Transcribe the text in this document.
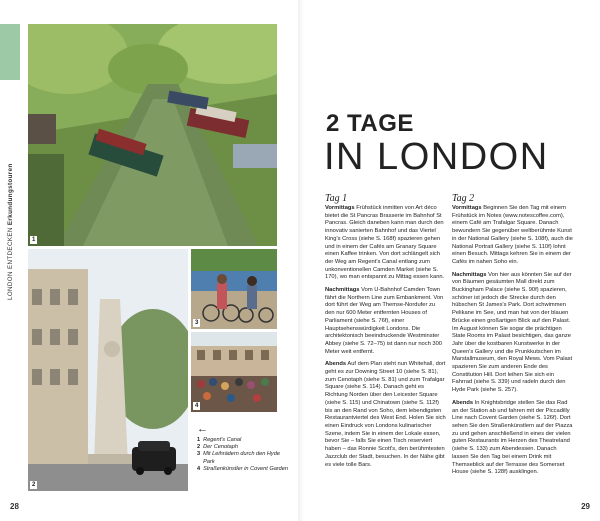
LONDON ENTDECKEN Erkundungstouren
1
2
3
4
←
1 Regent's Canal
2 Der Cenotaph
3 Mit Leihrädern durch den Hyde Park
4 Straßenkünstler in Covent Garden
2 TAGE
IN LONDON
Tag 1

Vormittags Frühstück inmitten von Art déco bietet die St Pancras Brasserie im Bahnhof St Pancras. Gleich daneben kann man durch den innovativ sanierten Bahnhof und das Viertel King's Cross (siehe S. 168f) spazieren gehen und in einem der Cafés am Granary Square einen Kaffee trinken. Von dort schlängelt sich der Weg am Regent's Canal entlang zum unkonventionellen Camden Market (siehe S. 170), wo man entspannt zu Mittag essen kann.

Nachmittags Vom U-Bahnhof Camden Town fährt die Northern Line zum Embankment. Von dort führt der Weg am Themse-Nordufer zu den nur 600 Meter entfernten Houses of Parliament (siehe S. 76f), einer Hauptsehenswürdigkeit Londons. Die architektonisch beeindruckende Westminster Abbey (siehe S. 72–75) ist dann nur noch 300 Meter weit entfernt.

Abends Auf dem Plan steht nun Whitehall, dort geht es zur Downing Street 10 (siehe S. 81), zum Cenotaph (siehe S. 81) und zum Trafalgar Square (siehe S. 114). Danach geht es Richtung Norden über den Leicester Square (siehe S. 115) und Chinatown (siehe S. 112f) bis an den Rand von Soho, dem lebendigsten Restaurantviertel des West End. Holen Sie sich einen Eindruck von Londons kulinarischer Szene, indem Sie in einem der Lokale essen, bevor Sie – falls Sie einen Tisch reserviert haben – das Ronnie Scott's, den berühmtesten Jazzclub der Stadt, besuchen. In der Nähe gibt es viele tolle Bars.

Tag 2

Vormittags Beginnen Sie den Tag mit einem Frühstück im Notes (www.notescoffee.com), einem Café am Trafalgar Square. Danach bewundern Sie gegenüber weltberühmte Kunst in der National Gallery (siehe S. 108f), auch die National Portrait Gallery (siehe S. 110f) lohnt einen Besuch. Mittags kehren Sie in einem der Cafés im nahen Soho ein.

Nachmittags Von hier aus könnten Sie auf der von Bäumen gesäumten Mall direkt zum Buckingham Palace (siehe S. 90f) spazieren, schöner ist jedoch die Strecke durch den hübschen St James's Park. Dort schwimmen Pelikane im See, und man hat von der blauen Brücke einen großartigen Blick auf den Palast. Im August können Sie sogar die prächtigen State Rooms im Palast besichtigen, das ganze Jahr über die kostbaren Kunstwerke in der Queen's Gallery und die Prunkkutschen im Marstallmuseum, den Royal Mews. Vom Palast spazieren Sie zum anderen Ende des Constitution Hill. Dort leihen Sie sich ein Fahrrad (siehe S. 339) und radeln durch den Hyde Park (siehe S. 257).

Abends In Knightsbridge stellen Sie das Rad an der Station ab und fahren mit der Piccadilly Line nach Covent Garden (siehe S. 126f). Dort sehen Sie den Straßenkünstlern auf der Piazza zu und gehen anschließend in eines der vielen guten Restaurants im Herzen des Theatreland (siehe S. 133) zum Abendessen. Danach lassen Sie den Tag bei einem Drink mit Themseblick auf der Terrasse des Somerset House (siehe S. 128f) ausklingen.

28	29
